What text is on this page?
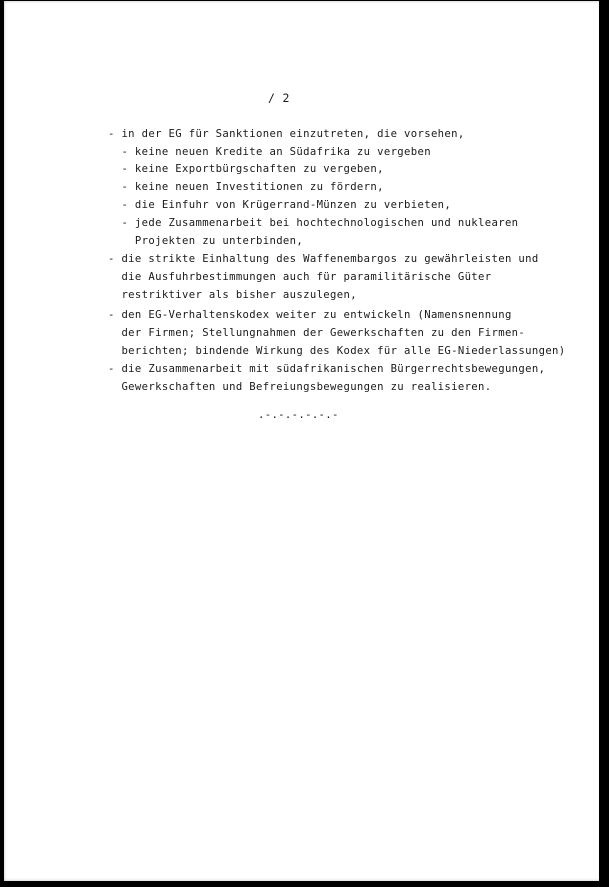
/ 2
- in der EG für Sanktionen einzutreten, die vorsehen,
- keine neuen Kredite an Südafrika zu vergeben
- keine Exportbürgschaften zu vergeben,
- keine neuen Investitionen zu fördern,
- die Einfuhr von Krügerrand-Münzen zu verbieten,
- jede Zusammenarbeit bei hochtechnologischen und nuklearen
Projekten zu unterbinden,
- die strikte Einhaltung des Waffenembargos zu gewährleisten und
die Ausfuhrbestimmungen auch für paramilitärische Güter
restriktiver als bisher auszulegen,
- den EG-Verhaltenskodex weiter zu entwickeln (Namensnennung
der Firmen; Stellungnahmen der Gewerkschaften zu den Firmen-
berichten; bindende Wirkung des Kodex für alle EG-Niederlassungen)
- die Zusammenarbeit mit südafrikanischen Bürgerrechtsbewegungen,
Gewerkschaften und Befreiungsbewegungen zu realisieren.
.-.-.-.-.-.-
